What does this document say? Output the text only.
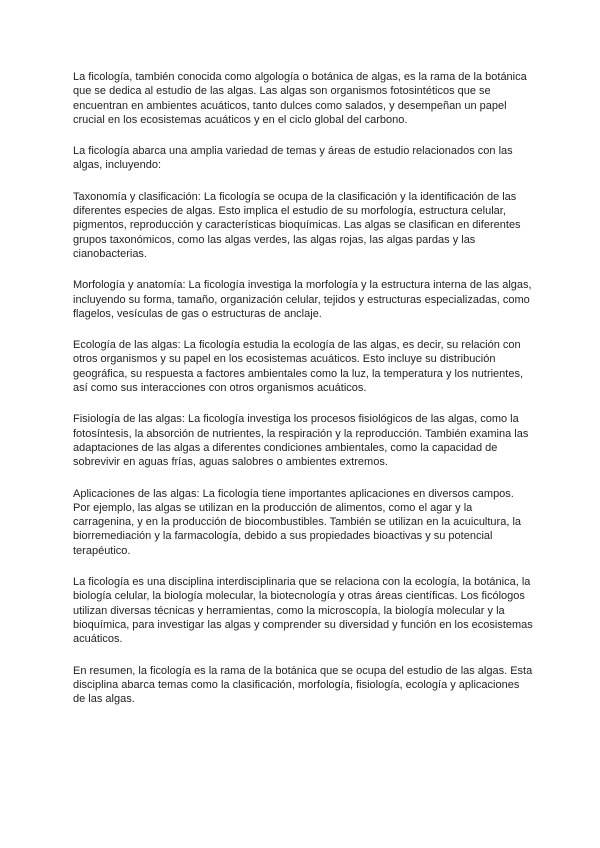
La ficología, también conocida como algología o botánica de algas, es la rama de la botánica que se dedica al estudio de las algas. Las algas son organismos fotosintéticos que se encuentran en ambientes acuáticos, tanto dulces como salados, y desempeñan un papel crucial en los ecosistemas acuáticos y en el ciclo global del carbono.

La ficología abarca una amplia variedad de temas y áreas de estudio relacionados con las algas, incluyendo:

Taxonomía y clasificación: La ficología se ocupa de la clasificación y la identificación de las diferentes especies de algas. Esto implica el estudio de su morfología, estructura celular, pigmentos, reproducción y características bioquímicas. Las algas se clasifican en diferentes grupos taxonómicos, como las algas verdes, las algas rojas, las algas pardas y las cianobacterias.

Morfología y anatomía: La ficología investiga la morfología y la estructura interna de las algas, incluyendo su forma, tamaño, organización celular, tejidos y estructuras especializadas, como flagelos, vesículas de gas o estructuras de anclaje.

Ecología de las algas: La ficología estudia la ecología de las algas, es decir, su relación con otros organismos y su papel en los ecosistemas acuáticos. Esto incluye su distribución geográfica, su respuesta a factores ambientales como la luz, la temperatura y los nutrientes, así como sus interacciones con otros organismos acuáticos.

Fisiología de las algas: La ficología investiga los procesos fisiológicos de las algas, como la fotosíntesis, la absorción de nutrientes, la respiración y la reproducción. También examina las adaptaciones de las algas a diferentes condiciones ambientales, como la capacidad de sobrevivir en aguas frías, aguas salobres o ambientes extremos.

Aplicaciones de las algas: La ficología tiene importantes aplicaciones en diversos campos. Por ejemplo, las algas se utilizan en la producción de alimentos, como el agar y la carragenina, y en la producción de biocombustibles. También se utilizan en la acuicultura, la biorremediación y la farmacología, debido a sus propiedades bioactivas y su potencial terapéutico.

La ficología es una disciplina interdisciplinaria que se relaciona con la ecología, la botánica, la biología celular, la biología molecular, la biotecnología y otras áreas científicas. Los ficólogos utilizan diversas técnicas y herramientas, como la microscopía, la biología molecular y la bioquímica, para investigar las algas y comprender su diversidad y función en los ecosistemas acuáticos.

En resumen, la ficología es la rama de la botánica que se ocupa del estudio de las algas. Esta disciplina abarca temas como la clasificación, morfología, fisiología, ecología y aplicaciones de las algas.
